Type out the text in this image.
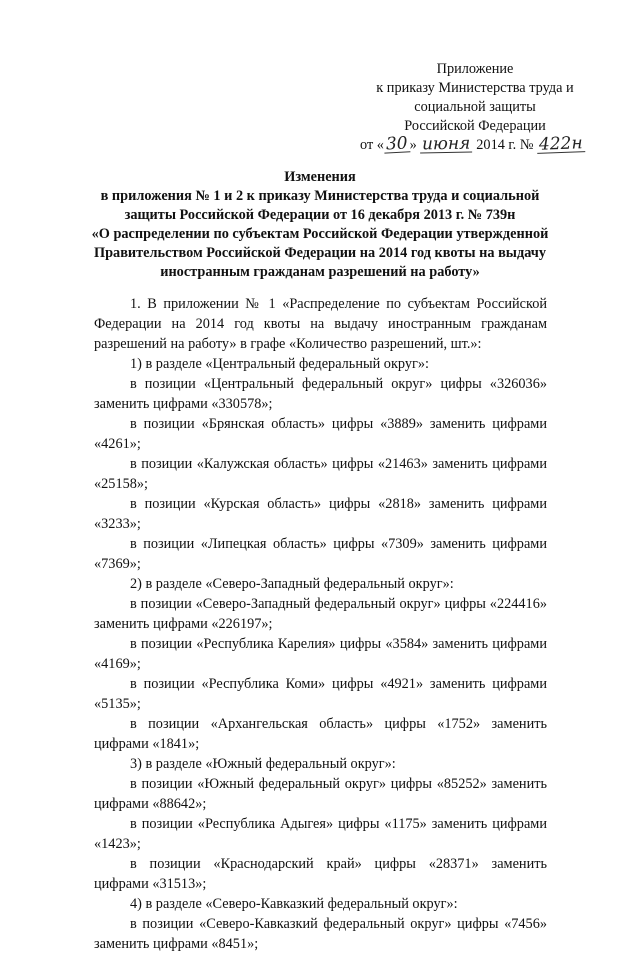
Приложение
к приказу Министерства труда и
социальной защиты
Российской Федерации
от «30 » июня 2014 г. № 422н
Изменения
в приложения № 1 и 2 к приказу Министерства труда и социальной
защиты Российской Федерации от 16 декабря 2013 г. № 739н
«О распределении по субъектам Российской Федерации утвержденной
Правительством Российской Федерации на 2014 год квоты на выдачу
иностранным гражданам разрешений на работу»

1. В приложении № 1 «Распределение по субъектам Российской Федерации на 2014 год квоты на выдачу иностранным гражданам разрешений на работу» в графе «Количество разрешений, шт.»:

1) в разделе «Центральный федеральный округ»:

в позиции «Центральный федеральный округ» цифры «326036» заменить цифрами «330578»;

в позиции «Брянская область» цифры «3889» заменить цифрами «4261»;

в позиции «Калужская область» цифры «21463» заменить цифрами «25158»;

в позиции «Курская область» цифры «2818» заменить цифрами «3233»;

в позиции «Липецкая область» цифры «7309» заменить цифрами «7369»;

2) в разделе «Северо-Западный федеральный округ»:

в позиции «Северо-Западный федеральный округ» цифры «224416» заменить цифрами «226197»;

в позиции «Республика Карелия» цифры «3584» заменить цифрами «4169»;

в позиции «Республика Коми» цифры «4921» заменить цифрами «5135»;

в позиции «Архангельская область» цифры «1752» заменить цифрами «1841»;

3) в разделе «Южный федеральный округ»:

в позиции «Южный федеральный округ» цифры «85252» заменить цифрами «88642»;

в позиции «Республика Адыгея» цифры «1175» заменить цифрами «1423»;

в позиции «Краснодарский край» цифры «28371» заменить цифрами «31513»;

4) в разделе «Северо-Кавказкий федеральный округ»:

в позиции «Северо-Кавказкий федеральный округ» цифры «7456» заменить цифрами «8451»;
